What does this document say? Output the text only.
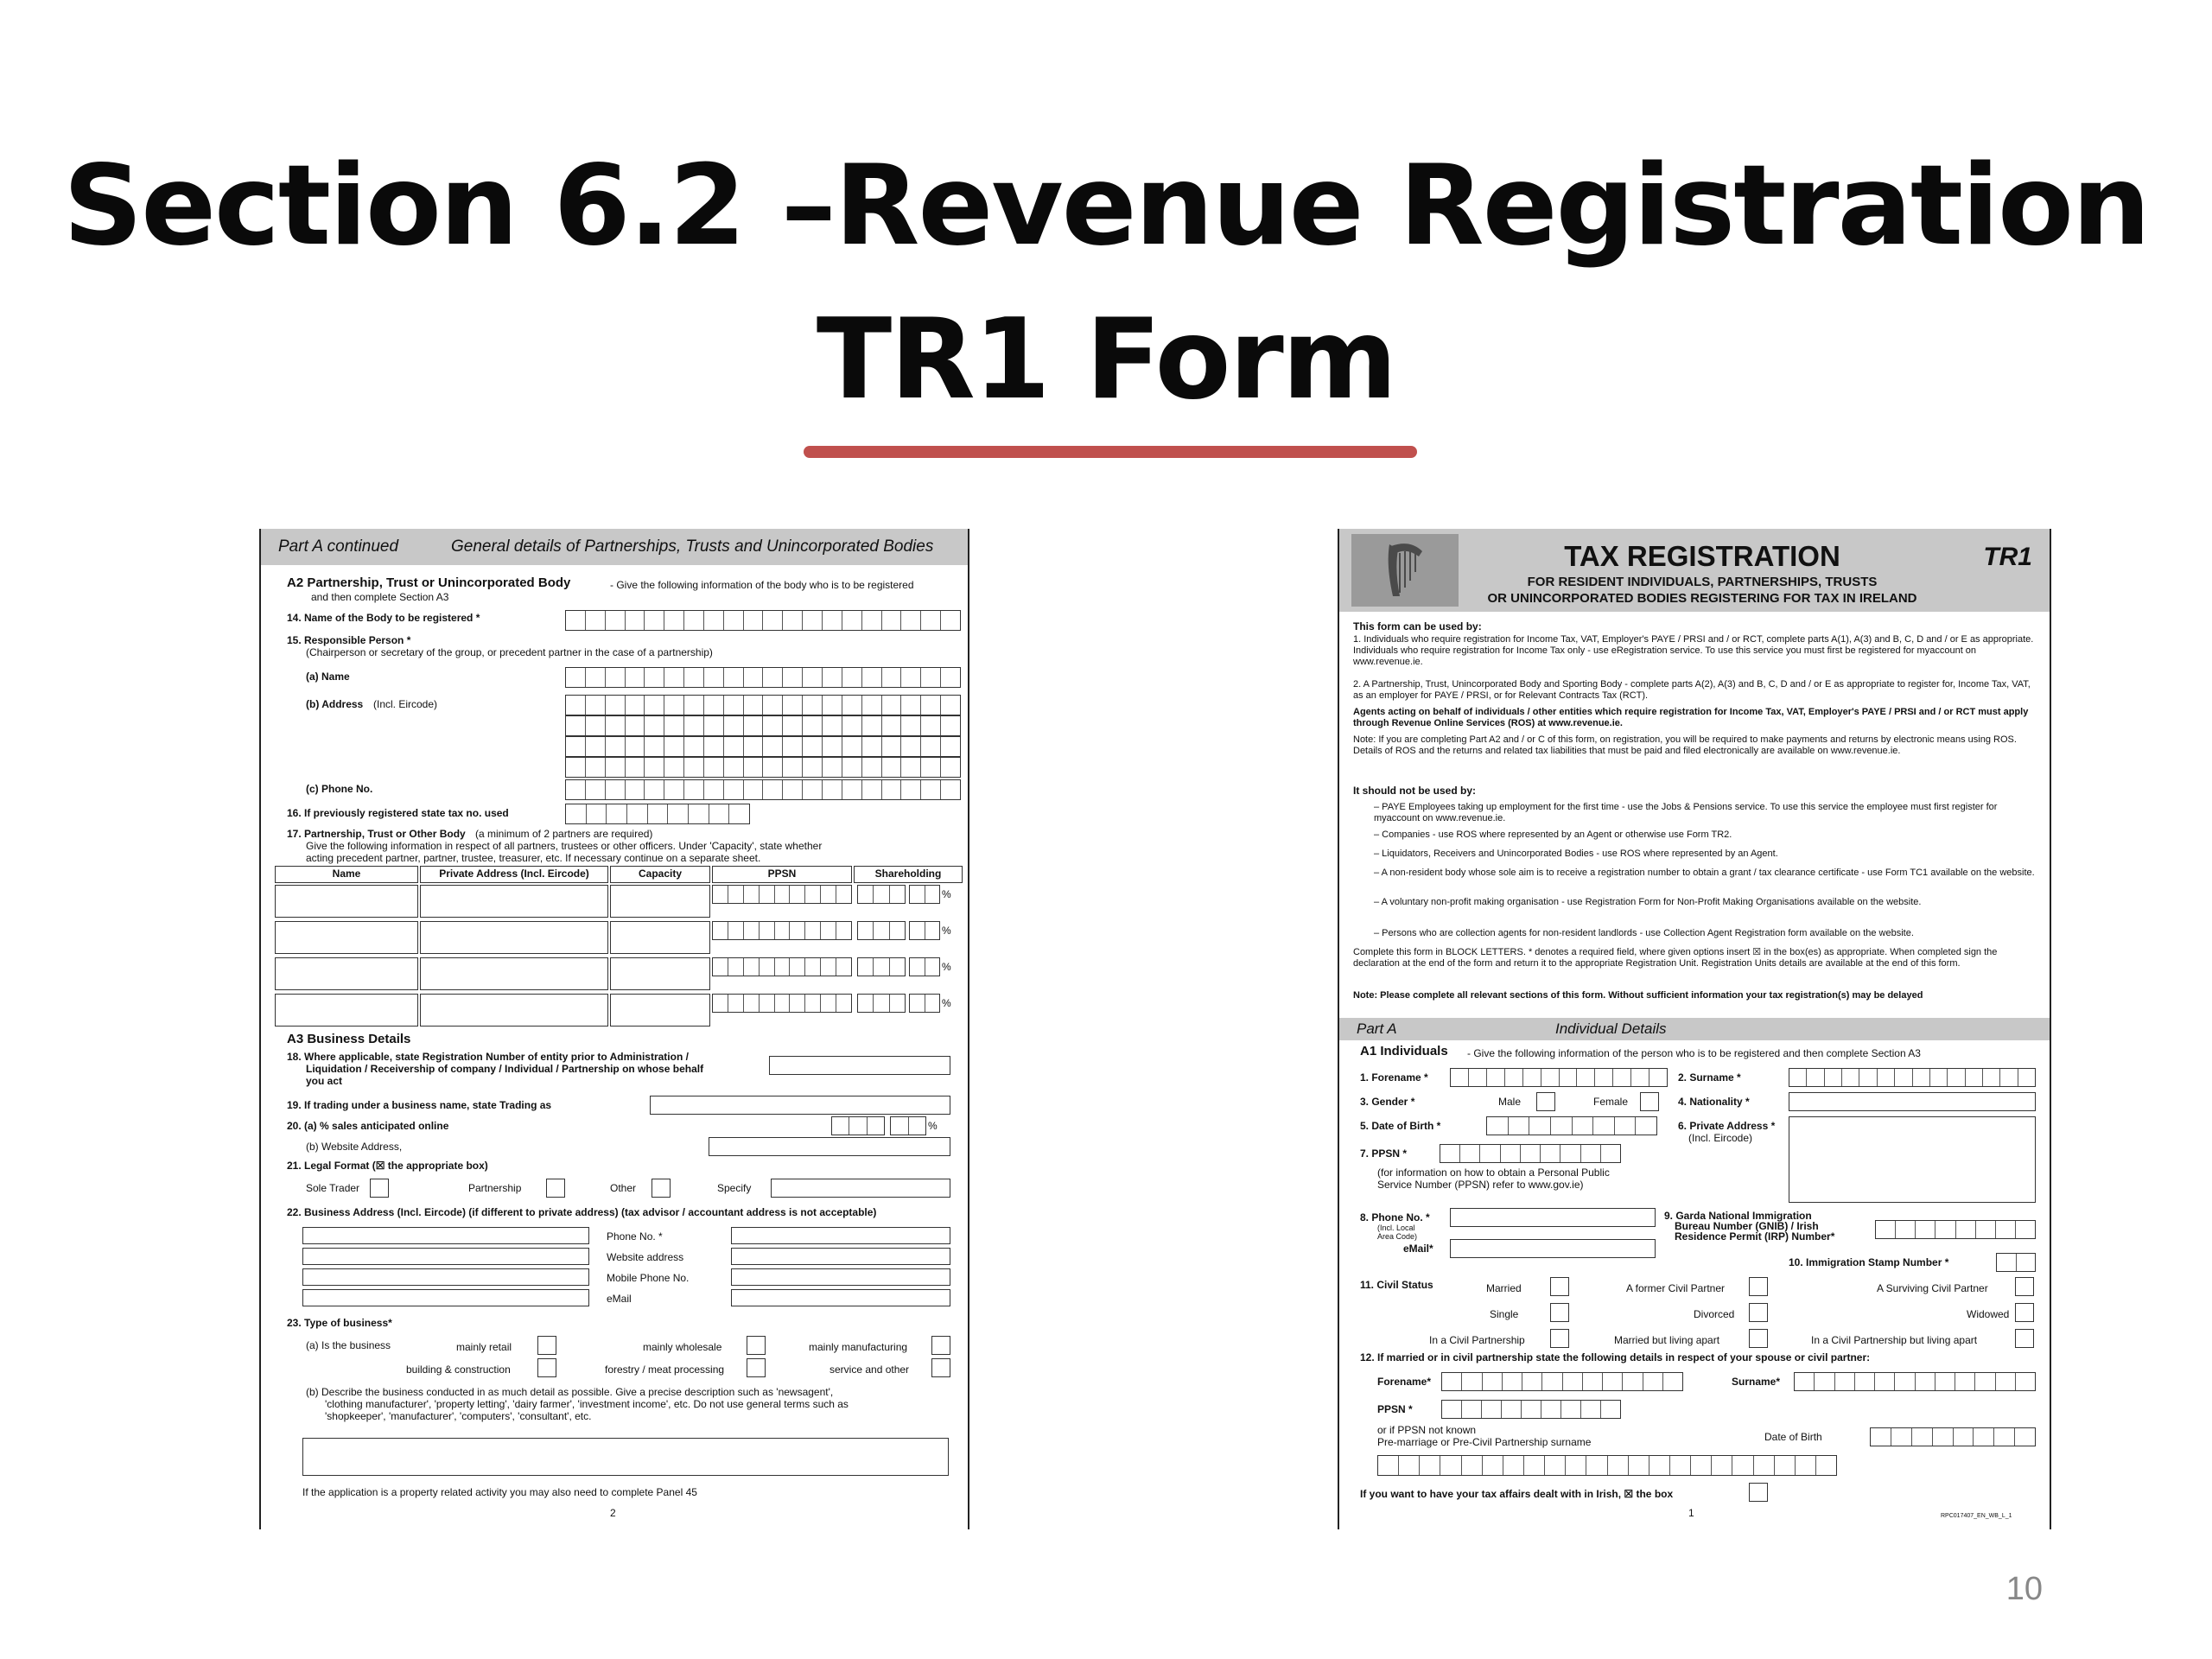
Section 6.2 –Revenue Registration
TR1 Form
Part A continued	General details of Partnerships, Trusts and Unincorporated Bodies
A2 Partnership, Trust or Unincorporated Body	- Give the following information of the body who is to be registered
and then complete Section A3
14. Name of the Body to be registered *
15. Responsible Person *
(Chairperson or secretary of the group, or precedent partner in the case of a partnership)
(a) Name
(b) Address (Incl. Eircode)
(c) Phone No.
16. If previously registered state tax no. used
17. Partnership, Trust or Other Body (a minimum of 2 partners are required)
Give the following information in respect of all partners, trustees or other officers. Under 'Capacity', state whether
acting precedent partner, partner, trustee, treasurer, etc. If necessary continue on a separate sheet.
Name	Private Address (Incl. Eircode)	Capacity	PPSN	Shareholding
%
%
%
%
A3 Business Details
18. Where applicable, state Registration Number of entity prior to Administration /
Liquidation / Receivership of company / Individual / Partnership on whose behalf
you act
19. If trading under a business name, state Trading as
20. (a) % sales anticipated online	%
(b) Website Address,
21. Legal Format (☒ the appropriate box)
Sole Trader	Partnership	Other	Specify
22. Business Address (Incl. Eircode) (if different to private address) (tax advisor / accountant address is not acceptable)
Phone No. *
Website address
Mobile Phone No.
eMail
23. Type of business*
(a) Is the business	mainly retail	mainly wholesale	mainly manufacturing
building & construction	forestry / meat processing	service and other
(b) Describe the business conducted in as much detail as possible. Give a precise description such as 'newsagent',
'clothing manufacturer', 'property letting', 'dairy farmer', 'investment income', etc. Do not use general terms such as
'shopkeeper', 'manufacturer', 'computers', 'consultant', etc.
If the application is a property related activity you may also need to complete Panel 45
2
TAX REGISTRATION
FOR RESIDENT INDIVIDUALS, PARTNERSHIPS, TRUSTS
OR UNINCORPORATED BODIES REGISTERING FOR TAX IN IRELAND
TR1
This form can be used by:
1. Individuals who require registration for Income Tax, VAT, Employer's PAYE / PRSI and / or RCT, complete parts A(1), A(3) and B, C, D and / or E as appropriate. Individuals who require registration for Income Tax only - use eRegistration service. To use this service you must first be registered for myaccount on www.revenue.ie.
2. A Partnership, Trust, Unincorporated Body and Sporting Body - complete parts A(2), A(3) and B, C, D and / or E as appropriate to register for, Income Tax, VAT, as an employer for PAYE / PRSI, or for Relevant Contracts Tax (RCT).
Agents acting on behalf of individuals / other entities which require registration for Income Tax, VAT, Employer's PAYE / PRSI and / or RCT must apply through Revenue Online Services (ROS) at www.revenue.ie.
Note: If you are completing Part A2 and / or C of this form, on registration, you will be required to make payments and returns by electronic means using ROS. Details of ROS and the returns and related tax liabilities that must be paid and filed electronically are available on www.revenue.ie.
It should not be used by:
– PAYE Employees taking up employment for the first time - use the Jobs & Pensions service. To use this service the employee must first register for myaccount on www.revenue.ie.
– Companies - use ROS where represented by an Agent or otherwise use Form TR2.
– Liquidators, Receivers and Unincorporated Bodies - use ROS where represented by an Agent.
– A non-resident body whose sole aim is to receive a registration number to obtain a grant / tax clearance certificate - use Form TC1 available on the website.
– A voluntary non-profit making organisation - use Registration Form for Non-Profit Making Organisations available on the website.
– Persons who are collection agents for non-resident landlords - use Collection Agent Registration form available on the website.
Complete this form in BLOCK LETTERS. * denotes a required field, where given options insert ☒ in the box(es) as appropriate. When completed sign the declaration at the end of the form and return it to the appropriate Registration Unit. Registration Units details are available at the end of this form.
Note: Please complete all relevant sections of this form. Without sufficient information your tax registration(s) may be delayed
Part A	Individual Details
A1 Individuals - Give the following information of the person who is to be registered and then complete Section A3
1. Forename *	2. Surname *
3. Gender *	Male	Female	4. Nationality *
5. Date of Birth *	6. Private Address *
(Incl. Eircode)
7. PPSN *
(for information on how to obtain a Personal Public
Service Number (PPSN) refer to www.gov.ie)
8. Phone No. *
(Incl. Local Area Code)
eMail*
9. Garda National Immigration
Bureau Number (GNIB) / Irish
Residence Permit (IRP) Number*
10. Immigration Stamp Number *
11. Civil Status	Married	A former Civil Partner	A Surviving Civil Partner
Single	Divorced	Widowed
In a Civil Partnership	Married but living apart	In a Civil Partnership but living apart
12. If married or in civil partnership state the following details in respect of your spouse or civil partner:
Forename*	Surname*
PPSN *
or if PPSN not known
Pre-marriage or Pre-Civil Partnership surname	Date of Birth
If you want to have your tax affairs dealt with in Irish, ☒ the box
1	RPC017407_EN_WB_L_1
10
